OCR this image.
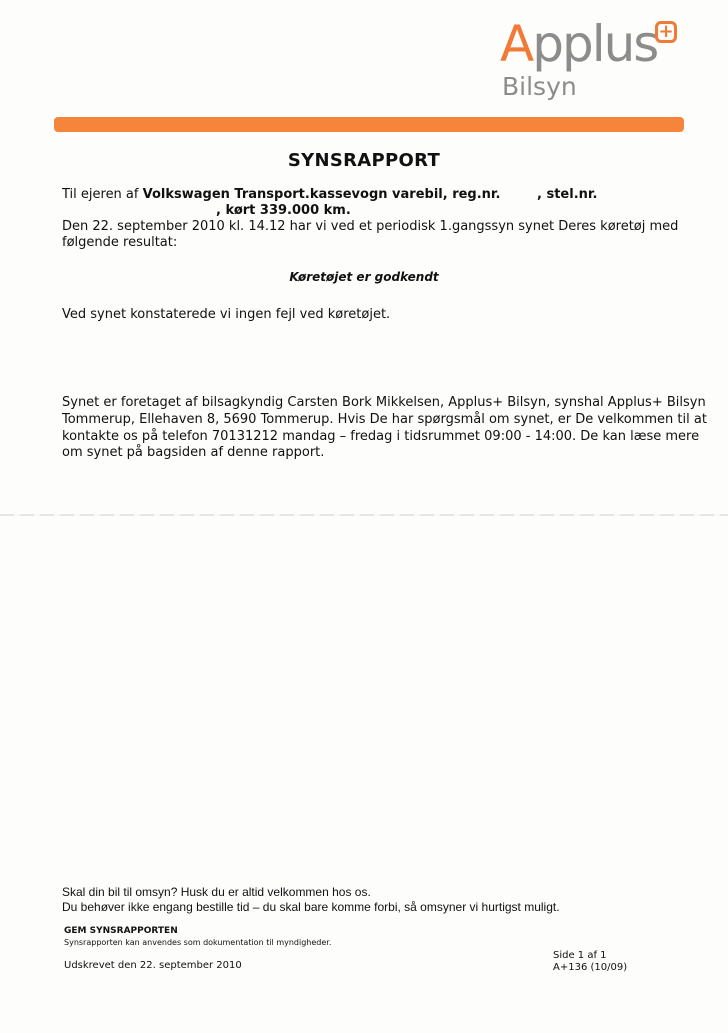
Applus +
Bilsyn
SYNSRAPPORT
Til ejeren af Volkswagen Transport.kassevogn varebil, reg.nr.	, stel.nr.
, kørt 339.000 km.
Den 22. september 2010 kl. 14.12 har vi ved et periodisk 1.gangssyn synet Deres køretøj med
følgende resultat:
Køretøjet er godkendt
Ved synet konstaterede vi ingen fejl ved køretøjet.
Synet er foretaget af bilsagkyndig Carsten Bork Mikkelsen, Applus+ Bilsyn, synshal Applus+ Bilsyn
Tommerup, Ellehaven 8, 5690 Tommerup. Hvis De har spørgsmål om synet, er De velkommen til at
kontakte os på telefon 70131212 mandag – fredag i tidsrummet 09:00 - 14:00. De kan læse mere
om synet på bagsiden af denne rapport.
Skal din bil til omsyn? Husk du er altid velkommen hos os.
Du behøver ikke engang bestille tid – du skal bare komme forbi, så omsyner vi hurtigst muligt.
GEM SYNSRAPPORTEN
Synsrapporten kan anvendes som dokumentation til myndigheder.
Udskrevet den 22. september 2010
Side 1 af 1
A+136 (10/09)
